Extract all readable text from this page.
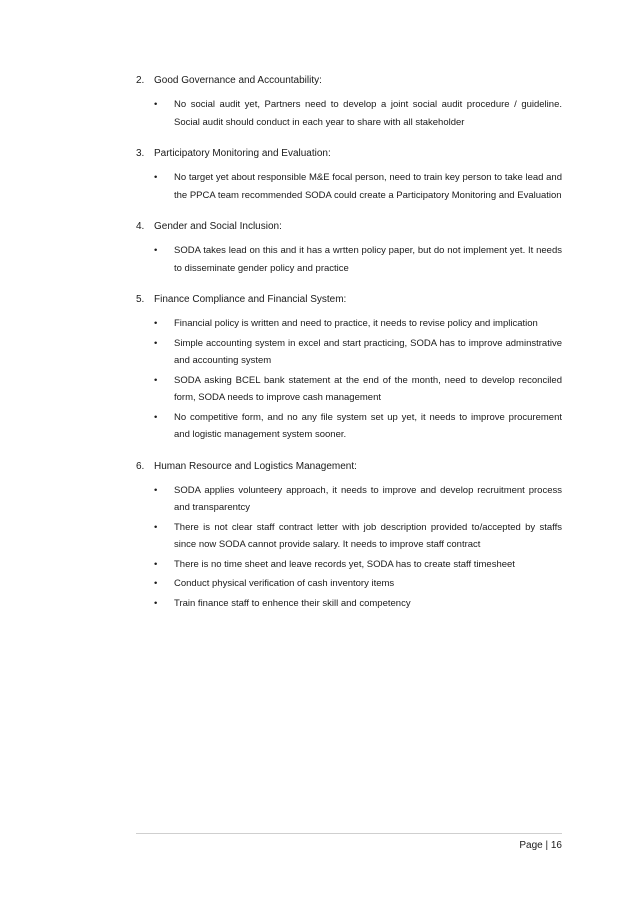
2. Good Governance and Accountability:
• No social audit yet, Partners need to develop a joint social audit procedure / guideline. Social audit should conduct in each year to share with all stakeholder
3. Participatory Monitoring and Evaluation:
• No target yet about responsible M&E focal person, need to train key person to take lead and the PPCA team recommended SODA could create a Participatory Monitoring and Evaluation
4. Gender and Social Inclusion:
• SODA takes lead on this and it has a wrtten policy paper, but do not implement yet. It needs to disseminate gender policy and practice
5. Finance Compliance and Financial System:
• Financial policy is written and need to practice, it needs to revise policy and implication
• Simple accounting system in excel and start practicing, SODA has to improve adminstrative and accounting system
• SODA asking BCEL bank statement at the end of the month, need to develop reconciled form, SODA needs to improve cash management
• No competitive form, and no any file system set up yet, it needs to improve procurement and logistic management system sooner.
6. Human Resource and Logistics Management:
• SODA applies volunteery approach, it needs to improve and develop recruitment process and transparentcy
• There is not clear staff contract letter with job description provided to/accepted by staffs since now SODA cannot provide salary. It needs to improve staff contract
• There is no time sheet and leave records yet, SODA has to create staff timesheet
• Conduct physical verification of cash inventory items
• Train finance staff to enhence their skill and competency
Page | 16
